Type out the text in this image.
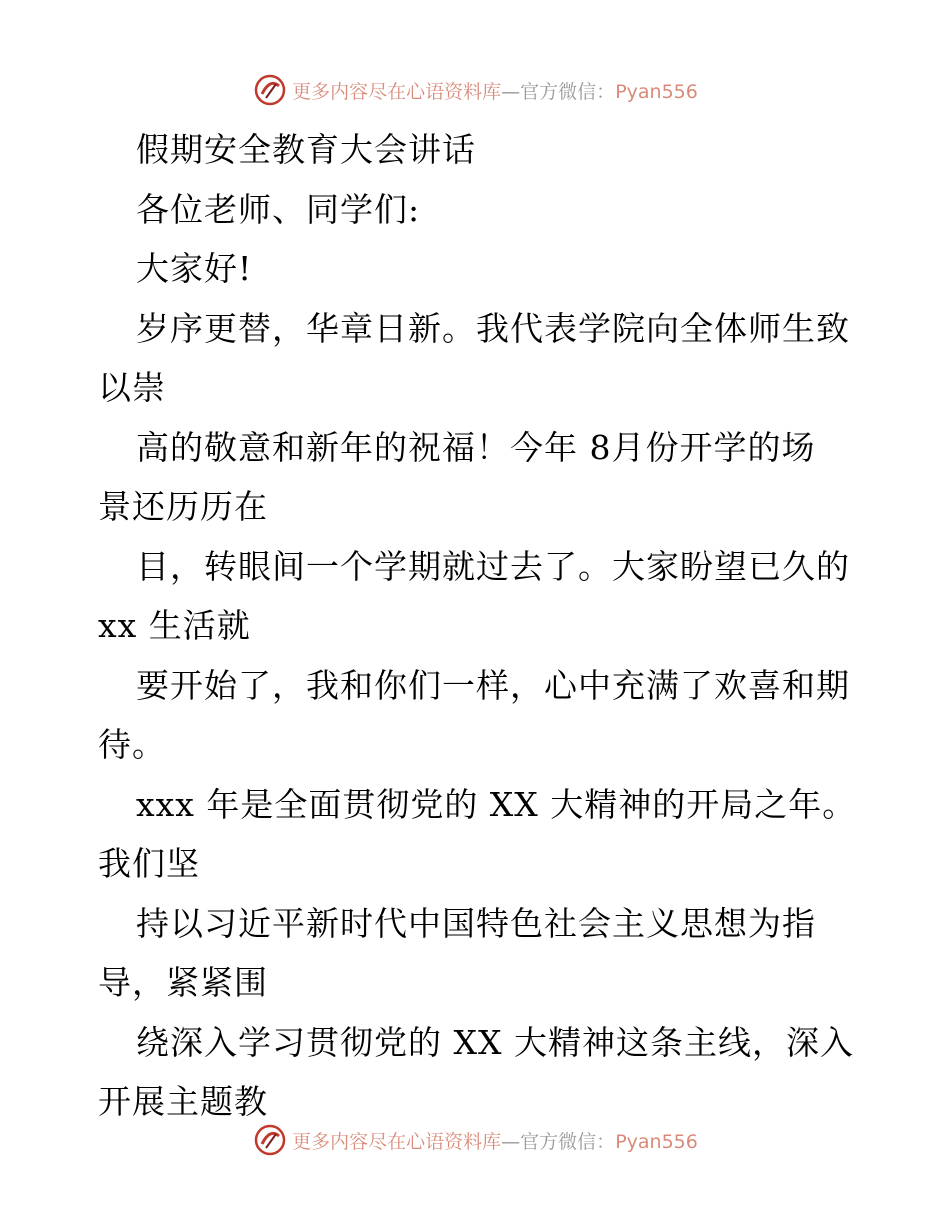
更多内容尽在心语资料库—官方微信：Pyan556
假期安全教育大会讲话
各位老师、同学们:
大家好!
岁序更替，华章日新。我代表学院向全体师生致
以崇
高的敬意和新年的祝福！今年 8月份开学的场
景还历历在
目，转眼间一个学期就过去了。大家盼望已久的
xx 生活就
要开始了，我和你们一样，心中充满了欢喜和期
待。
xxx 年是全面贯彻党的 XX 大精神的开局之年。
我们坚
持以习近平新时代中国特色社会主义思想为指
导，紧紧围
绕深入学习贯彻党的 XX 大精神这条主线，深入
开展主题教
更多内容尽在心语资料库—官方微信：Pyan556
